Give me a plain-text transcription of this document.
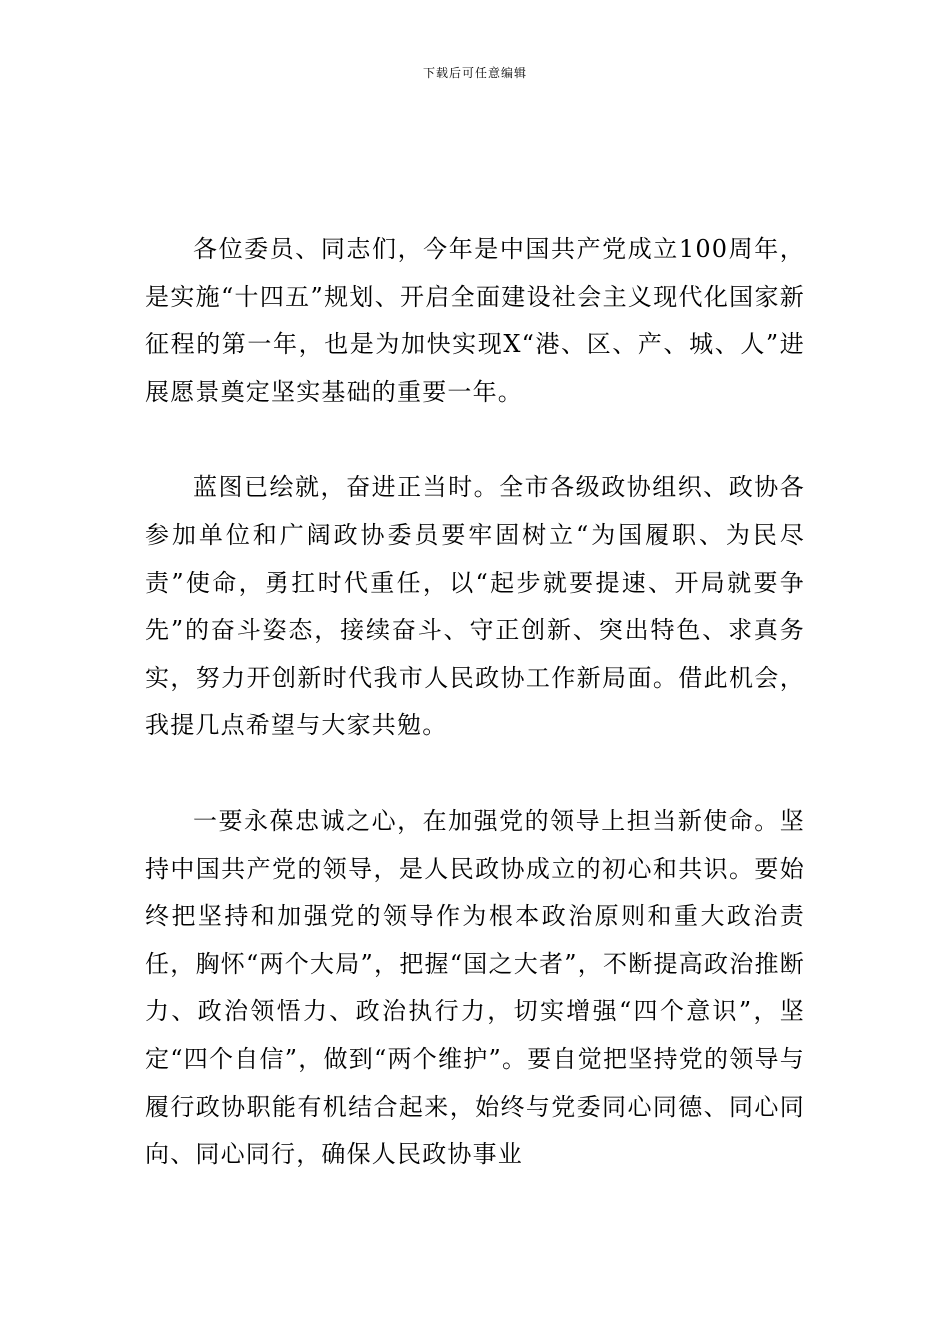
下载后可任意编辑

各位委员、同志们，今年是中国共产党成立100周年，是实施“十四五”规划、开启全面建设社会主义现代化国家新征程的第一年，也是为加快实现X“港、区、产、城、人”进展愿景奠定坚实基础的重要一年。

蓝图已绘就，奋进正当时。全市各级政协组织、政协各参加单位和广阔政协委员要牢固树立“为国履职、为民尽责”使命，勇扛时代重任，以“起步就要提速、开局就要争先”的奋斗姿态，接续奋斗、守正创新、突出特色、求真务实，努力开创新时代我市人民政协工作新局面。借此机会，我提几点希望与大家共勉。

一要永葆忠诚之心，在加强党的领导上担当新使命。坚持中国共产党的领导，是人民政协成立的初心和共识。要始终把坚持和加强党的领导作为根本政治原则和重大政治责任，胸怀“两个大局”，把握“国之大者”，不断提高政治推断力、政治领悟力、政治执行力，切实增强“四个意识”，坚定“四个自信”，做到“两个维护”。要自觉把坚持党的领导与履行政协职能有机结合起来，始终与党委同心同德、同心同向、同心同行，确保人民政协事业
